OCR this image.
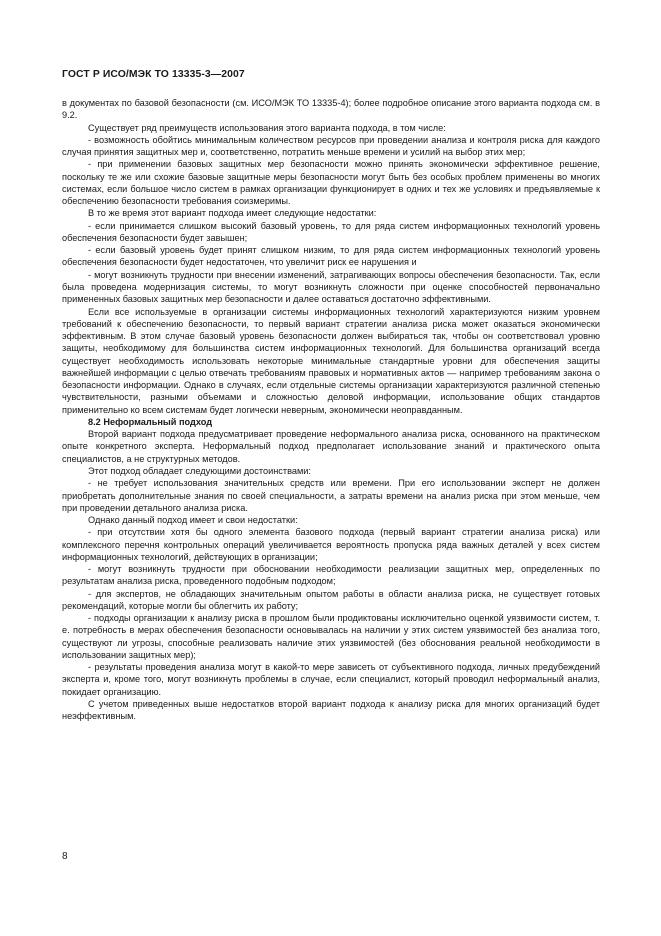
ГОСТ Р ИСО/МЭК ТО 13335-3—2007

в документах по базовой безопасности (см. ИСО/МЭК ТО 13335-4); более подробное описание этого варианта подхода см. в 9.2.

Существует ряд преимуществ использования этого варианта подхода, в том числе:

- возможность обойтись минимальным количеством ресурсов при проведении анализа и контроля риска для каждого случая принятия защитных мер и, соответственно, потратить меньше времени и усилий на выбор этих мер;

- при применении базовых защитных мер безопасности можно принять экономически эффективное решение, поскольку те же или схожие базовые защитные меры безопасности могут быть без особых проблем применены во многих системах, если большое число систем в рамках организации функционирует в одних и тех же условиях и предъявляемые к обеспечению безопасности требования соизмеримы.

В то же время этот вариант подхода имеет следующие недостатки:

- если принимается слишком высокий базовый уровень, то для ряда систем информационных технологий уровень обеспечения безопасности будет завышен;

- если базовый уровень будет принят слишком низким, то для ряда систем информационных технологий уровень обеспечения безопасности будет недостаточен, что увеличит риск ее нарушения и

- могут возникнуть трудности при внесении изменений, затрагивающих вопросы обеспечения безопасности. Так, если была проведена модернизация системы, то могут возникнуть сложности при оценке способностей первоначально примененных базовых защитных мер безопасности и далее оставаться достаточно эффективными.

Если все используемые в организации системы информационных технологий характеризуются низким уровнем требований к обеспечению безопасности, то первый вариант стратегии анализа риска может оказаться экономически эффективным. В этом случае базовый уровень безопасности должен выбираться так, чтобы он соответствовал уровню защиты, необходимому для большинства систем информационных технологий. Для большинства организаций всегда существует необходимость использовать некоторые минимальные стандартные уровни для обеспечения защиты важнейшей информации с целью отвечать требованиям правовых и нормативных актов — например требованиям закона о безопасности информации. Однако в случаях, если отдельные системы организации характеризуются различной степенью чувствительности, разными объемами и сложностью деловой информации, использование общих стандартов применительно ко всем системам будет логически неверным, экономически неоправданным.

8.2 Неформальный подход

Второй вариант подхода предусматривает проведение неформального анализа риска, основанного на практическом опыте конкретного эксперта. Неформальный подход предполагает использование знаний и практического опыта специалистов, а не структурных методов.

Этот подход обладает следующими достоинствами:

- не требует использования значительных средств или времени. При его использовании эксперт не должен приобретать дополнительные знания по своей специальности, а затраты времени на анализ риска при этом меньше, чем при проведении детального анализа риска.

Однако данный подход имеет и свои недостатки:

- при отсутствии хотя бы одного элемента базового подхода (первый вариант стратегии анализа риска) или комплексного перечня контрольных операций увеличивается вероятность пропуска ряда важных деталей у всех систем информационных технологий, действующих в организации;

- могут возникнуть трудности при обосновании необходимости реализации защитных мер, определенных по результатам анализа риска, проведенного подобным подходом;

- для экспертов, не обладающих значительным опытом работы в области анализа риска, не существует готовых рекомендаций, которые могли бы облегчить их работу;

- подходы организации к анализу риска в прошлом были продиктованы исключительно оценкой уязвимости систем, т. е. потребность в мерах обеспечения безопасности основывалась на наличии у этих систем уязвимостей без анализа того, существуют ли угрозы, способные реализовать наличие этих уязвимостей (без обоснования реальной необходимости в использовании защитных мер);

- результаты проведения анализа могут в какой-то мере зависеть от субъективного подхода, личных предубеждений эксперта и, кроме того, могут возникнуть проблемы в случае, если специалист, который проводил неформальный анализ, покидает организацию.

С учетом приведенных выше недостатков второй вариант подхода к анализу риска для многих организаций будет неэффективным.

8
